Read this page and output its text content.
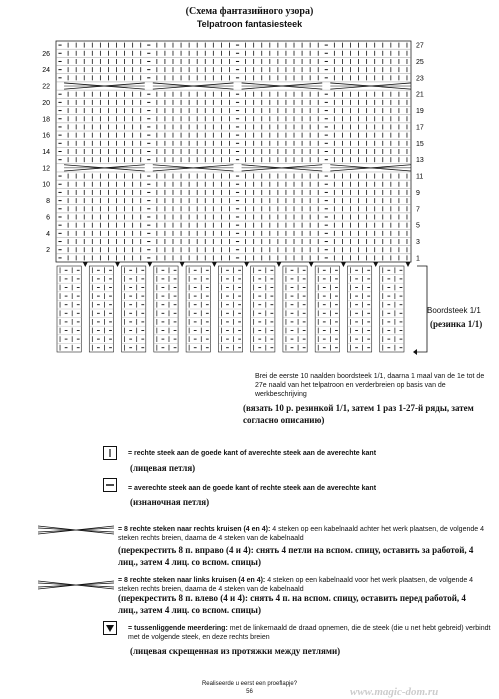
(Схема фантазийного узора)
Telpatroon fantasiesteek
27
26
25
24
23
22
21
20
19
18
17
16
15
14
13
12
11
10
9
8
7
6
5
4
3
2
1
Boordsteek 1/1
(резинка 1/1)
Brei de eerste 10 naalden boordsteek 1/1, daarna 1 maal van de 1e tot de 27e naald van het telpatroon en verderbreien op basis van de werkbeschrijving
(вязать 10 р. резинкой 1/1, затем 1 раз 1-27-й ряды, затем согласно описанию)
= rechte steek aan de goede kant of averechte steek aan de averechte kant
(лицевая петля)
= averechte steek aan de goede kant of rechte steek aan de averechte kant
(изнаночная петля)
= 8 rechte steken naar rechts kruisen (4 en 4): 4 steken op een kabelnaald achter het werk plaatsen, de volgende 4 steken rechts breien, daarna de 4 steken van de kabelnaald
(перекрестить 8 п. вправо (4 и 4): снять 4 петли на вспом. спицу, оставить за работой, 4 лиц., затем 4 лиц. со вспом. спицы)
= 8 rechte steken naar links kruisen (4 en 4): 4 steken op een kabelnaald voor het werk plaatsen, de volgende 4 steken rechts breien, daarna de 4 steken van de kabelnaald
(перекрестить 8 п. влево (4 и 4): снять 4 п. на вспом. спицу, оставить перед работой, 4 лиц., затем 4 лиц. со вспом. спицы)
= tussenliggende meerdering: met de linkernaald de draad opnemen, die de steek (die u net hebt gebreid) verbindt met de volgende steek, en deze rechts breien
(лицевая скрещенная из протяжки между петлями)
Realiseerde u eerst een proeflapje?
56	www.magic-dom.ru
